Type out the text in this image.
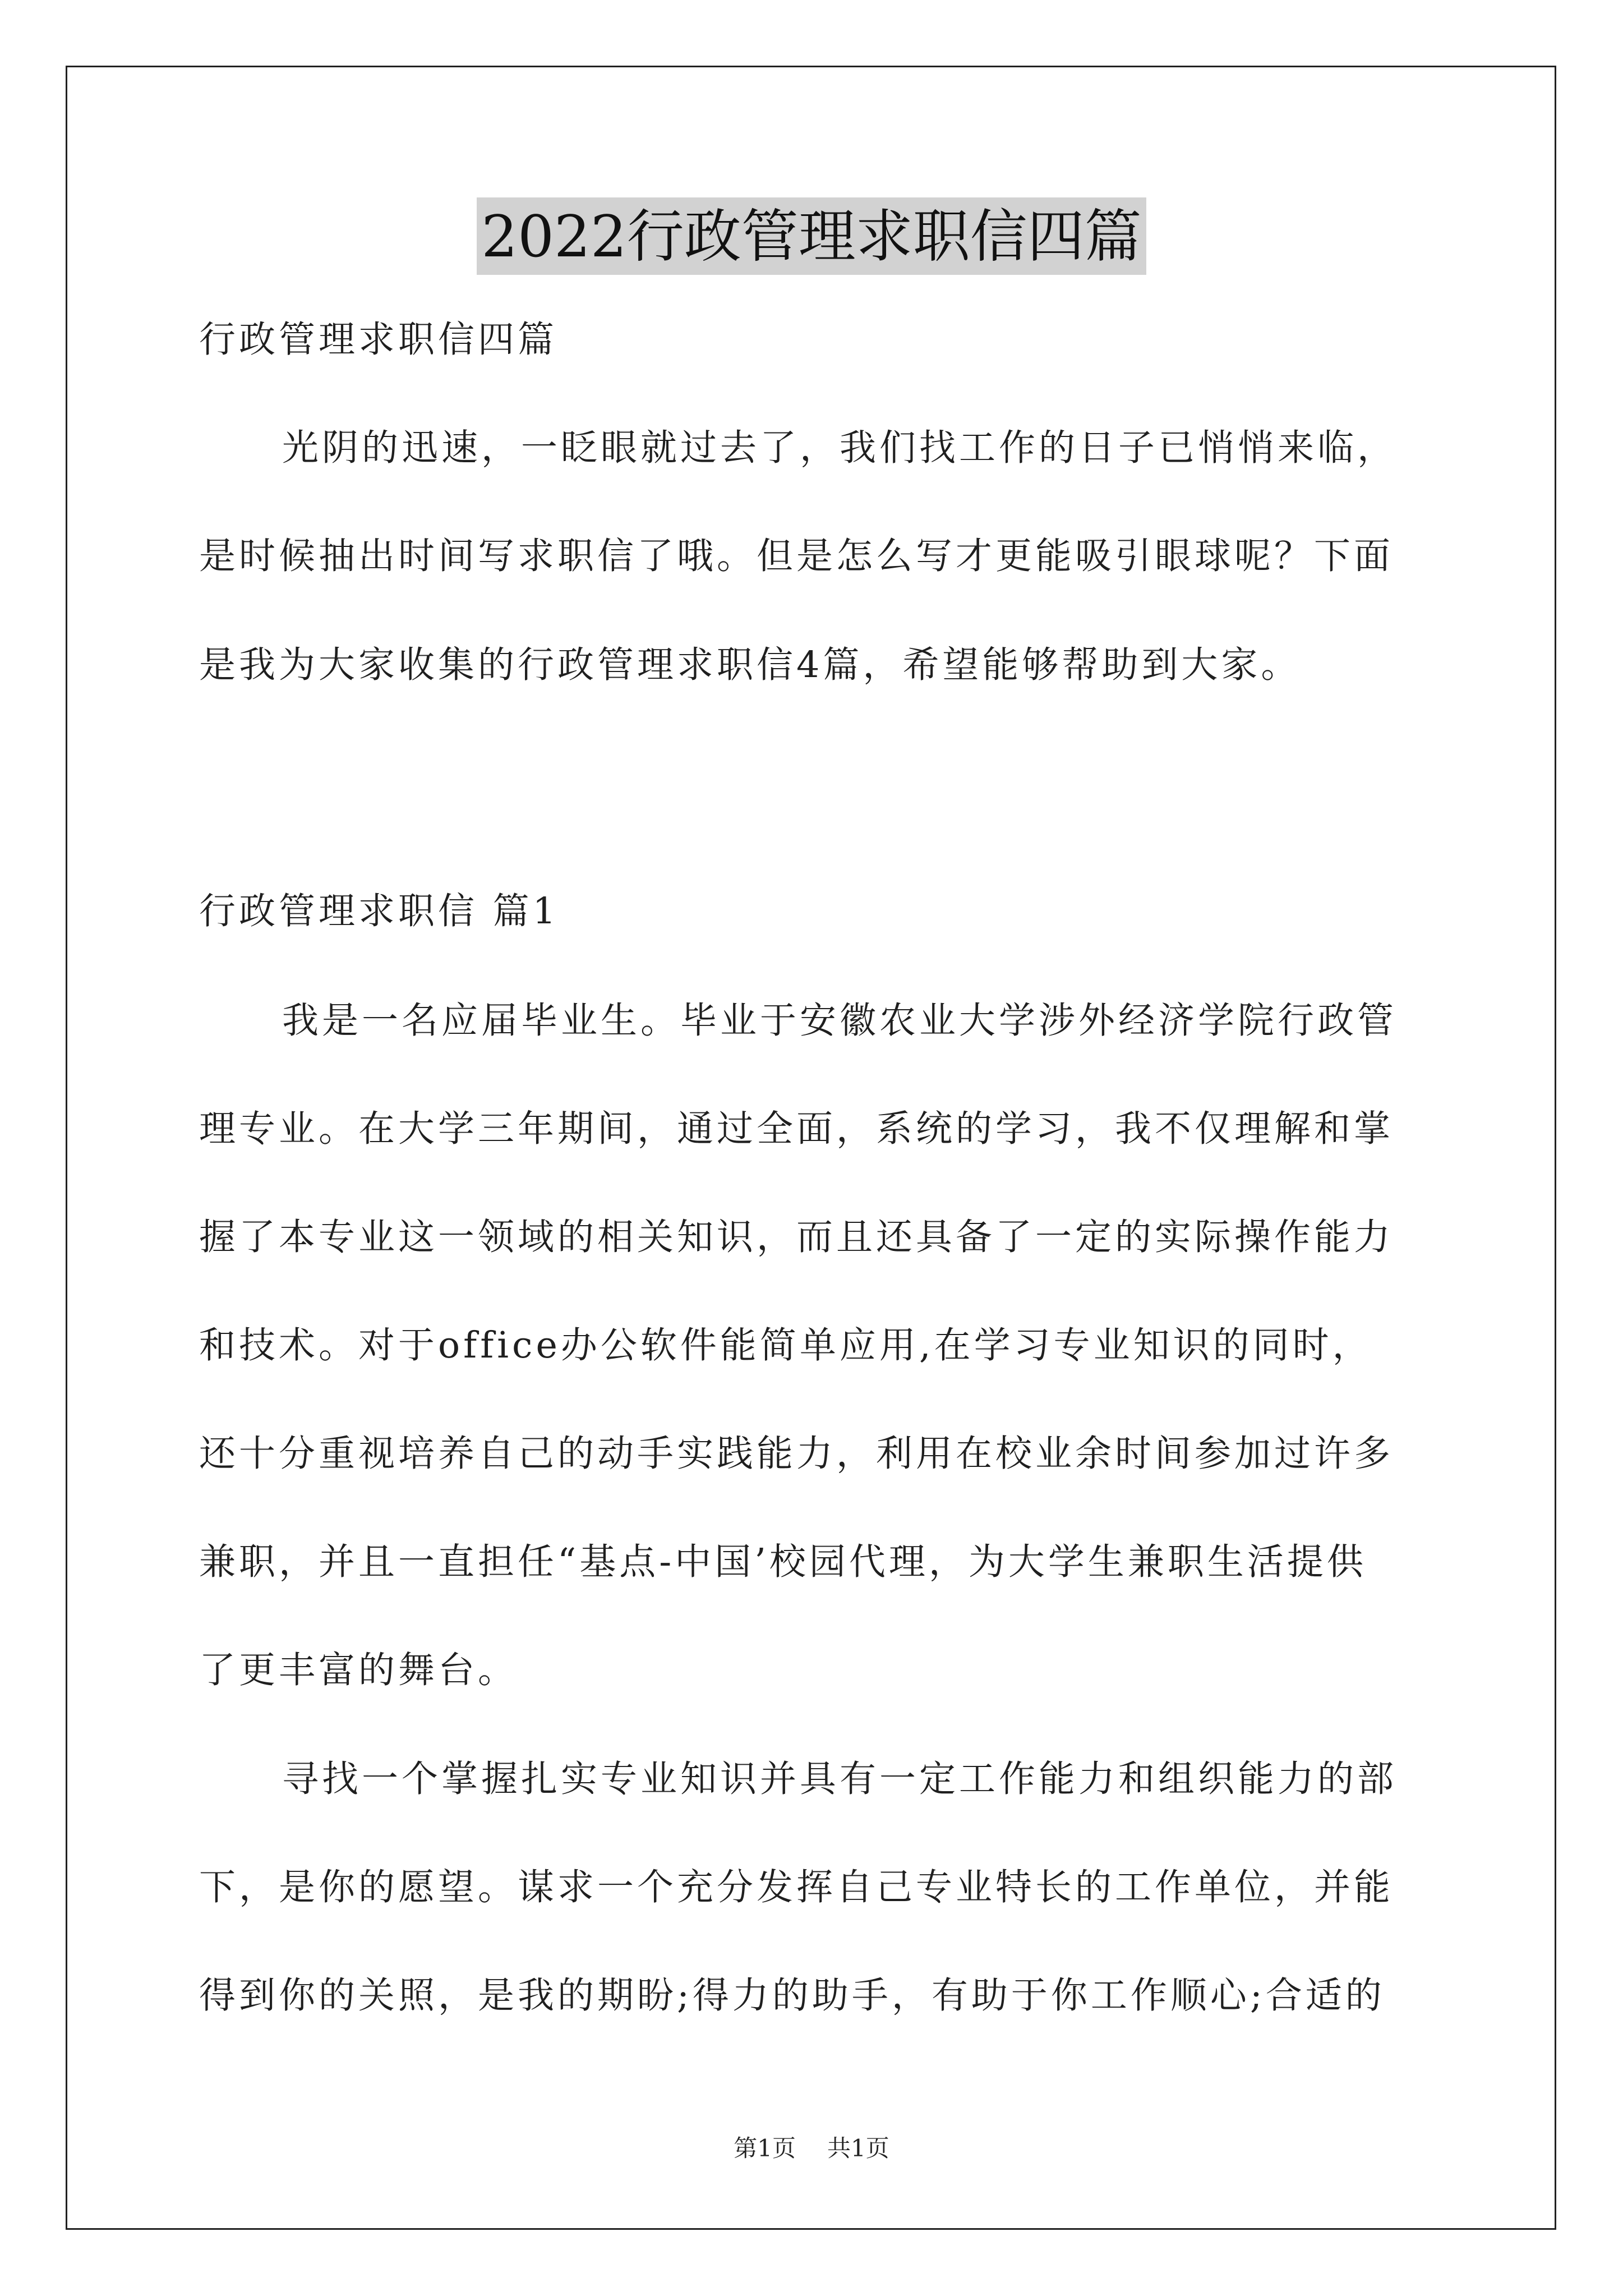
2022行政管理求职信四篇
行政管理求职信四篇
光阴的迅速，一眨眼就过去了，我们找工作的日子已悄悄来临，
是时候抽出时间写求职信了哦。但是怎么写才更能吸引眼球呢？下面
是我为大家收集的行政管理求职信4篇，希望能够帮助到大家。
行政管理求职信 篇1
我是一名应届毕业生。毕业于安徽农业大学涉外经济学院行政管
理专业。在大学三年期间，通过全面，系统的学习，我不仅理解和掌
握了本专业这一领域的相关知识，而且还具备了一定的实际操作能力
和技术。对于office办公软件能简单应用,在学习专业知识的同时，
还十分重视培养自己的动手实践能力，利用在校业余时间参加过许多
兼职，并且一直担任“基点-中国’校园代理，为大学生兼职生活提供
了更丰富的舞台。
寻找一个掌握扎实专业知识并具有一定工作能力和组织能力的部
下，是你的愿望。谋求一个充分发挥自己专业特长的工作单位，并能
得到你的关照，是我的期盼;得力的助手，有助于你工作顺心;合适的
第1页 共1页
